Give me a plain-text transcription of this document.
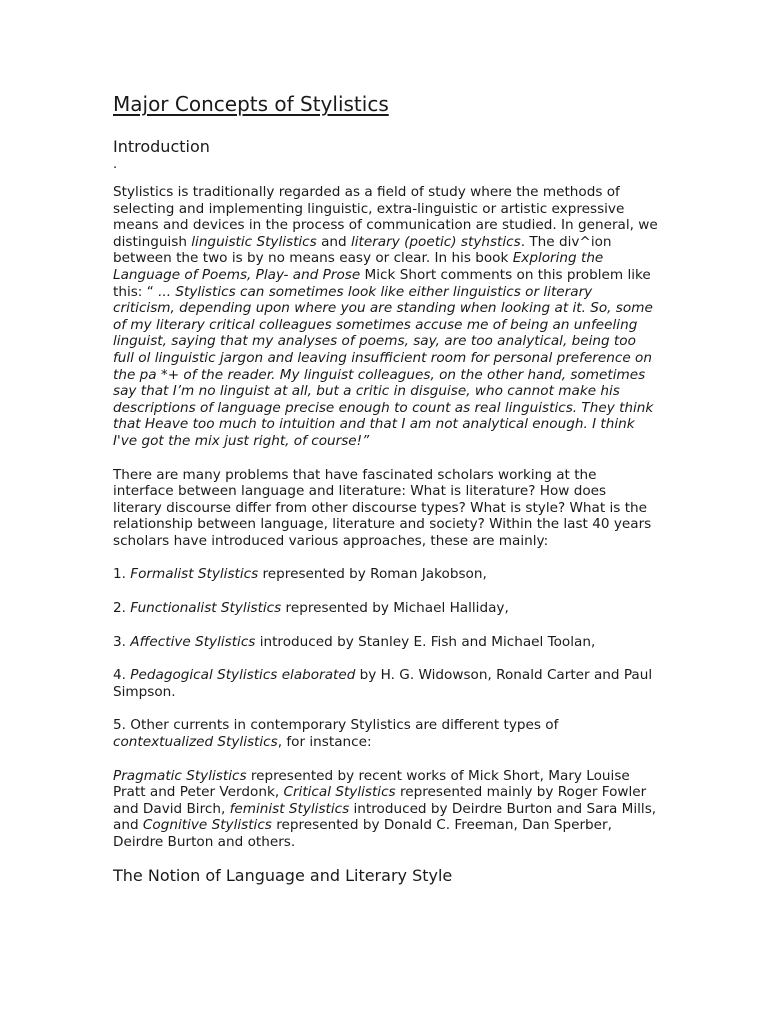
Major Concepts of Stylistics
Introduction
.

Stylistics is traditionally regarded as a field of study where the methods of selecting and implementing linguistic, extra-linguistic or artistic expressive means and devices in the process of communication are studied. In general, we distinguish linguistic Stylistics and literary (poetic) styhstics. The div^ion between the two is by no means easy or clear. In his book Exploring the Language of Poems, Play- and Prose Mick Short comments on this problem like this: “ ... Stylistics can sometimes look like either linguistics or literary criticism, depending upon where you are standing when looking at it. So, some of my literary critical colleagues sometimes accuse me of being an unfeeling linguist, saying that my analyses of poems, say, are too analytical, being too full ol linguistic jargon and leaving insufficient room for personal preference on the pa *+ of the reader. My linguist colleagues, on the other hand, sometimes say that I’m no linguist at all, but a critic in disguise, who cannot make his descriptions of language precise enough to count as real linguistics. They think that Heave too much to intuition and that I am not analytical enough. I think I've got the mix just right, of course!”

There are many problems that have fascinated scholars working at the interface between language and literature: What is literature? How does literary discourse differ from other discourse types? What is style? What is the relationship between language, literature and society? Within the last 40 years scholars have introduced various approaches, these are mainly:

1. Formalist Stylistics represented by Roman Jakobson,

2. Functionalist Stylistics represented by Michael Halliday,

3. Affective Stylistics introduced by Stanley E. Fish and Michael Toolan,

4. Pedagogical Stylistics elaborated by H. G. Widowson, Ronald Carter and Paul Simpson.

5. Other currents in contemporary Stylistics are different types of contextualized Stylistics, for instance:

Pragmatic Stylistics represented by recent works of Mick Short, Mary Louise Pratt and Peter Verdonk, Critical Stylistics represented mainly by Roger Fowler and David Birch, feminist Stylistics introduced by Deirdre Burton and Sara Mills, and Cognitive Stylistics represented by Donald C. Freeman, Dan Sperber, Deirdre Burton and others.

The Notion of Language and Literary Style
